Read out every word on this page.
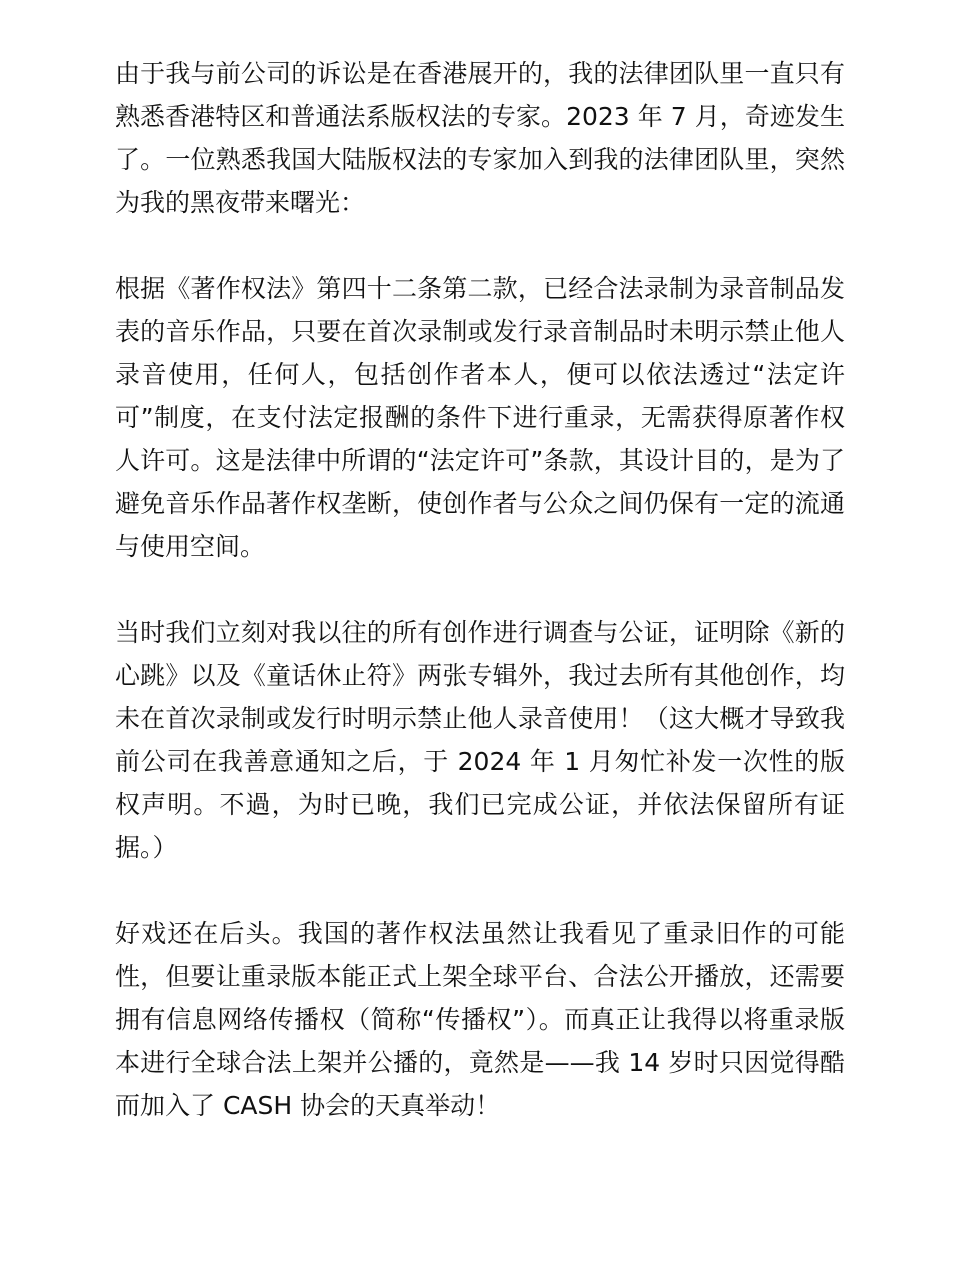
由于我与前公司的诉讼是在香港展开的，我的法律团队里一直只有熟悉香港特区和普通法系版权法的专家。2023 年 7 月，奇迹发生了。一位熟悉我国大陆版权法的专家加入到我的法律团队里，突然为我的黑夜带来曙光：

根据《著作权法》第四十二条第二款，已经合法录制为录音制品发表的音乐作品，只要在首次录制或发行录音制品时未明示禁止他人录音使用，任何人，包括创作者本人，便可以依法透过“法定许可”制度，在支付法定报酬的条件下进行重录，无需获得原著作权人许可。这是法律中所谓的“法定许可”条款，其设计目的，是为了避免音乐作品著作权垄断，使创作者与公众之间仍保有一定的流通与使用空间。

当时我们立刻对我以往的所有创作进行调查与公证，证明除《新的心跳》以及《童话休止符》两张专辑外，我过去所有其他创作，均未在首次录制或发行时明示禁止他人录音使用！（这大概才导致我前公司在我善意通知之后，于 2024 年 1 月匆忙补发一次性的版权声明。不過，为时已晚，我们已完成公证，并依法保留所有证据。）

好戏还在后头。我国的著作权法虽然让我看见了重录旧作的可能性，但要让重录版本能正式上架全球平台、合法公开播放，还需要拥有信息网络传播权（简称“传播权”）。而真正让我得以将重录版本进行全球合法上架并公播的，竟然是——我 14 岁时只因觉得酷而加入了 CASH 协会的天真举动！
